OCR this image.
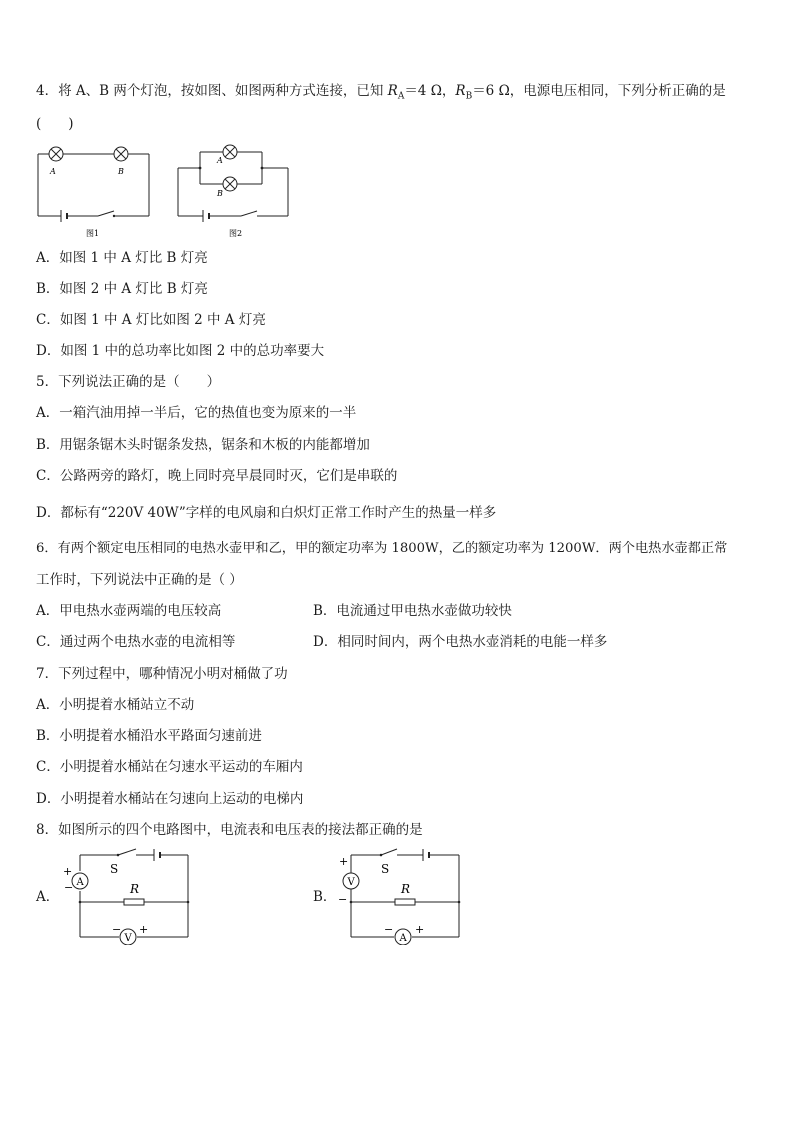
4．将 A、B 两个灯泡，按如图、如图两种方式连接，已知 $R_A=4$ Ω，$R_B=6$ Ω，电源电压相同，下列分析正确的是
(　　)
A	B
图1
A
B
图2
A．如图 1 中 A 灯比 B 灯亮
B．如图 2 中 A 灯比 B 灯亮
C．如图 1 中 A 灯比如图 2 中 A 灯亮
D．如图 1 中的总功率比如图 2 中的总功率要大
5．下列说法正确的是（　　）
A．一箱汽油用掉一半后，它的热值也变为原来的一半
B．用锯条锯木头时锯条发热，锯条和木板的内能都增加
C．公路两旁的路灯，晚上同时亮早晨同时灭，它们是串联的
D．都标有“220V 40W”字样的电风扇和白炽灯正常工作时产生的热量一样多
6．有两个额定电压相同的电热水壶甲和乙，甲的额定功率为 1800W，乙的额定功率为 1200W．两个电热水壶都正常
工作时，下列说法中正确的是（ ）
A．甲电热水壶两端的电压较高	B．电流通过甲电热水壶做功较快
C．通过两个电热水壶的电流相等	D．相同时间内，两个电热水壶消耗的电能一样多
7．下列过程中，哪种情况小明对桶做了功
A．小明提着水桶站立不动
B．小明提着水桶沿水平路面匀速前进
C．小明提着水桶站在匀速水平运动的车厢内
D．小明提着水桶站在匀速向上运动的电梯内
8．如图所示的四个电路图中，电流表和电压表的接法都正确的是
A．
A
V
+
−
− +
S
R	B．
V
A
+
−
− +
S
R
